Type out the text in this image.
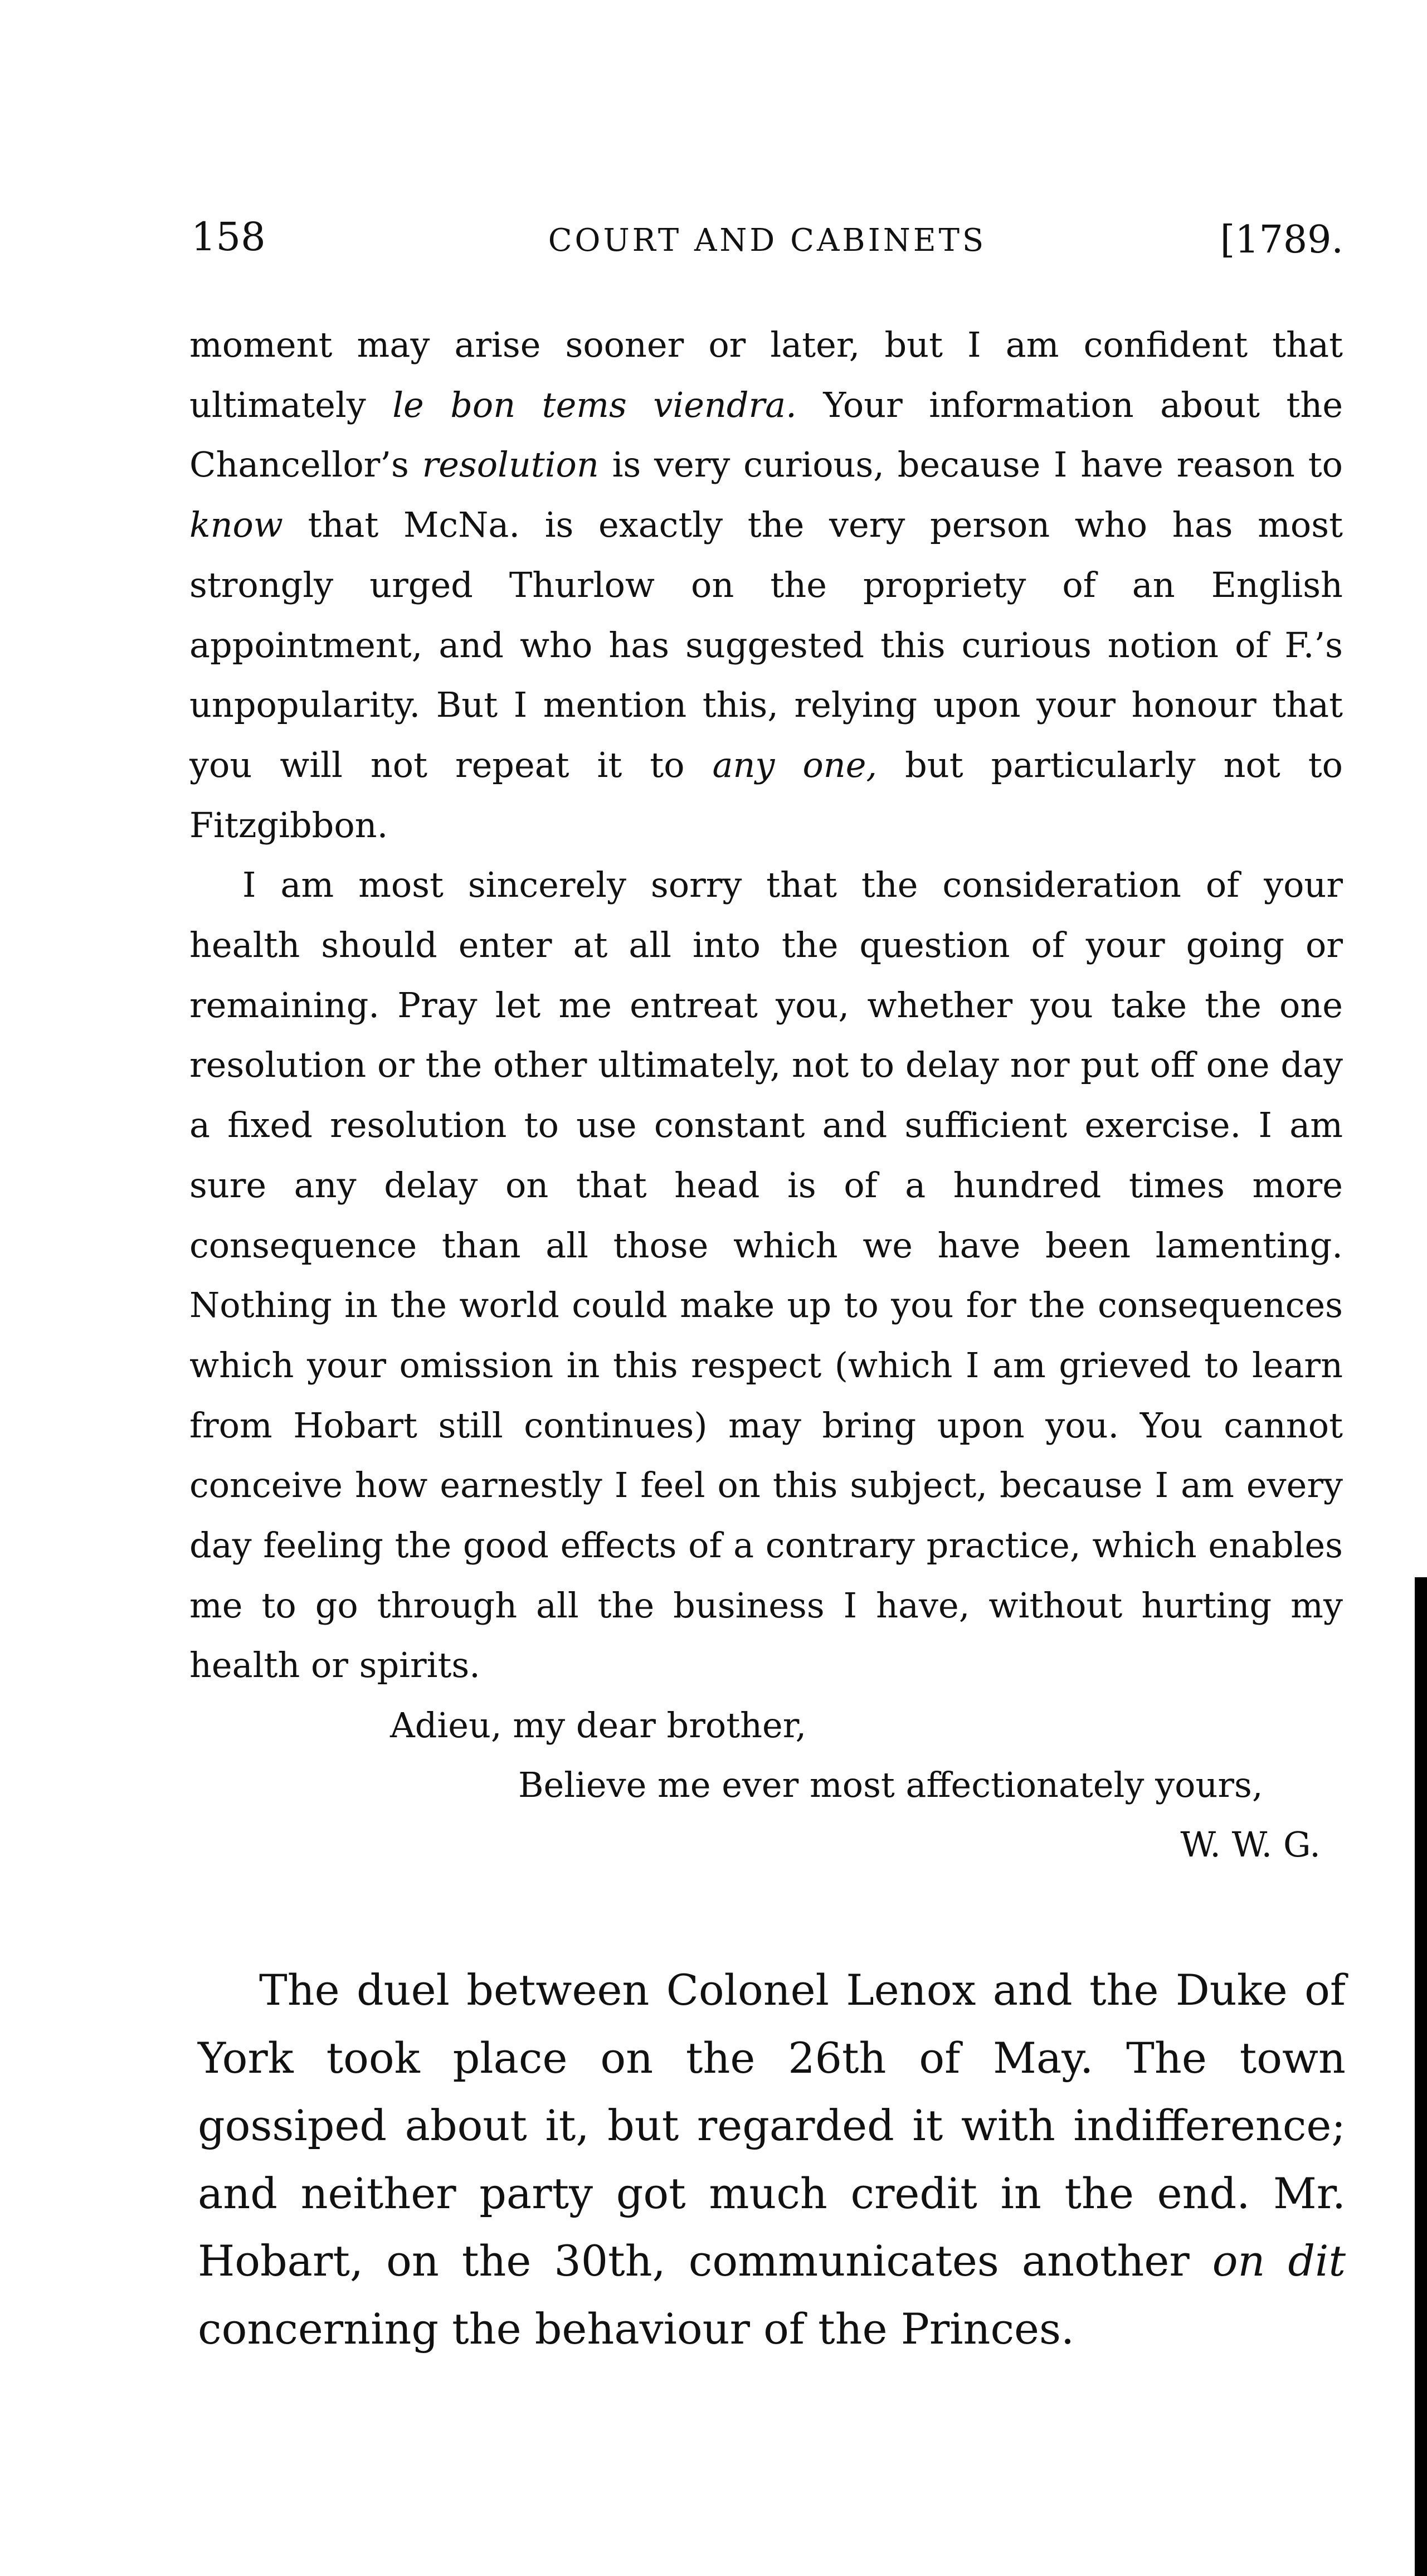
158	COURT AND CABINETS	[1789.

moment may arise sooner or later, but I am confident that ultimately le bon tems viendra. Your information about the Chancellor’s resolution is very curious, because I have reason to know that McNa. is exactly the very person who has most strongly urged Thurlow on the propriety of an English appointment, and who has suggested this curious notion of F.’s unpopularity. But I mention this, relying upon your honour that you will not repeat it to any one, but particularly not to Fitzgibbon.

I am most sincerely sorry that the consideration of your health should enter at all into the question of your going or remaining. Pray let me entreat you, whether you take the one resolution or the other ultimately, not to delay nor put off one day a fixed resolution to use constant and sufficient exercise. I am sure any delay on that head is of a hundred times more consequence than all those which we have been lamenting. Nothing in the world could make up to you for the consequences which your omission in this respect (which I am grieved to learn from Hobart still continues) may bring upon you. You cannot conceive how earnestly I feel on this subject, because I am every day feeling the good effects of a contrary practice, which enables me to go through all the business I have, without hurting my health or spirits.

Adieu, my dear brother,
Believe me ever most affectionately yours,
W. W. G.

The duel between Colonel Lenox and the Duke of York took place on the 26th of May. The town gossiped about it, but regarded it with indifference; and neither party got much credit in the end. Mr. Hobart, on the 30th, communicates another on dit concerning the behaviour of the Princes.
